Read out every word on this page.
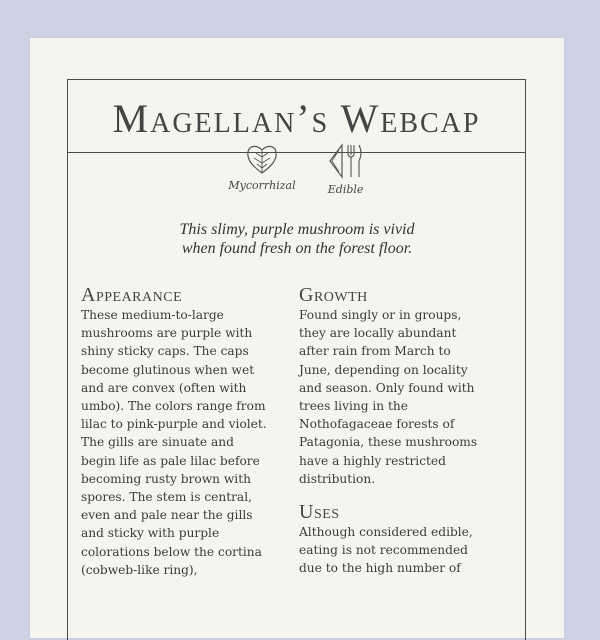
Magellan’s Webcap
Mycorrhizal	Edible
This slimy, purple mushroom is vivid
when found fresh on the forest floor.
Appearance

These medium-to-large mushrooms are purple with shiny sticky caps. The caps become glutinous when wet and are convex (often with umbo). The colors range from lilac to pink-purple and violet. The gills are sinuate and begin life as pale lilac before becoming rusty brown with spores. The stem is central, even and pale near the gills and sticky with purple colorations below the cortina (cobweb-like ring),

Growth

Found singly or in groups, they are locally abundant after rain from March to June, depending on locality and season. Only found with trees living in the Nothofagaceae forests of Patagonia, these mushrooms have a highly restricted distribution.

Uses

Although considered edible, eating is not recommended due to the high number of
